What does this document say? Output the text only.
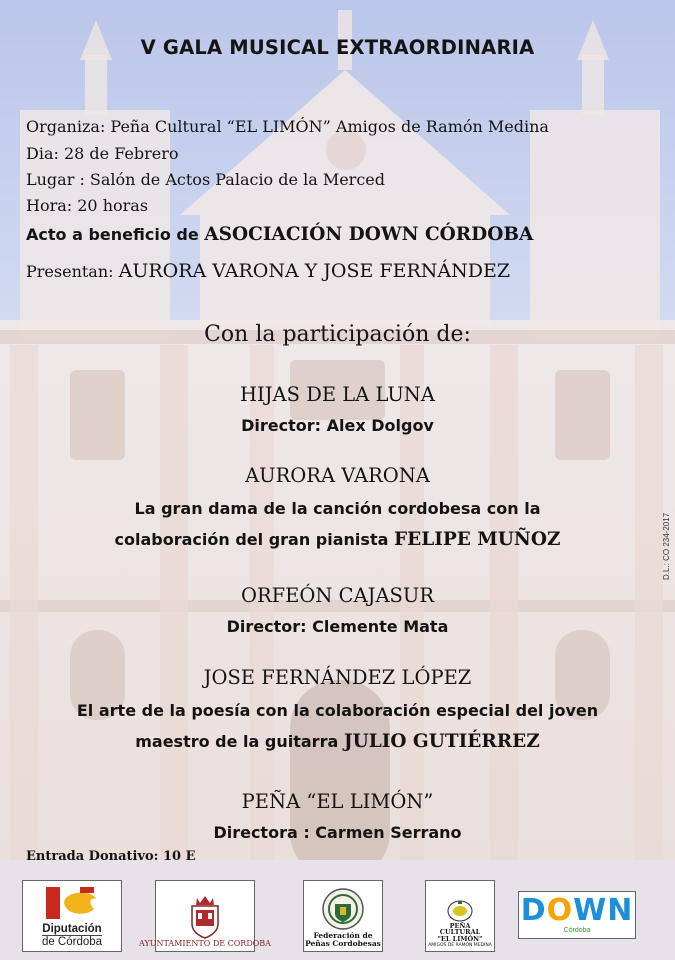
V GALA MUSICAL EXTRAORDINARIA
Organiza: Peña Cultural “EL LIMÓN” Amigos de Ramón Medina
Dia: 28 de Febrero
Lugar : Salón de Actos Palacio de la Merced
Hora: 20 horas
Acto a beneficio de ASOCIACIÓN DOWN CÓRDOBA
Presentan: AURORA VARONA Y JOSE FERNÁNDEZ
Con la participación de:
HIJAS DE LA LUNA
Director: Alex Dolgov
AURORA VARONA
La gran dama de la canción cordobesa con la
colaboración del gran pianista FELIPE MUÑOZ
ORFEÓN CAJASUR
Director: Clemente Mata
JOSE FERNÁNDEZ LÓPEZ
El arte de la poesía con la colaboración especial del joven
maestro de la guitarra JULIO GUTIÉRREZ
PEÑA “EL LIMÓN”
Directora : Carmen Serrano
Entrada Donativo: 10 E
D.L.: CO 234-2017
Diputación
de Córdoba	AYUNTAMIENTO DE CORDOBA
Federación de
Peñas Cordobesas
PEÑA
CULTURAL
"EL LIMÓN"
AMIGOS DE RAMÓN MEDINA
DOWN
Córdoba
